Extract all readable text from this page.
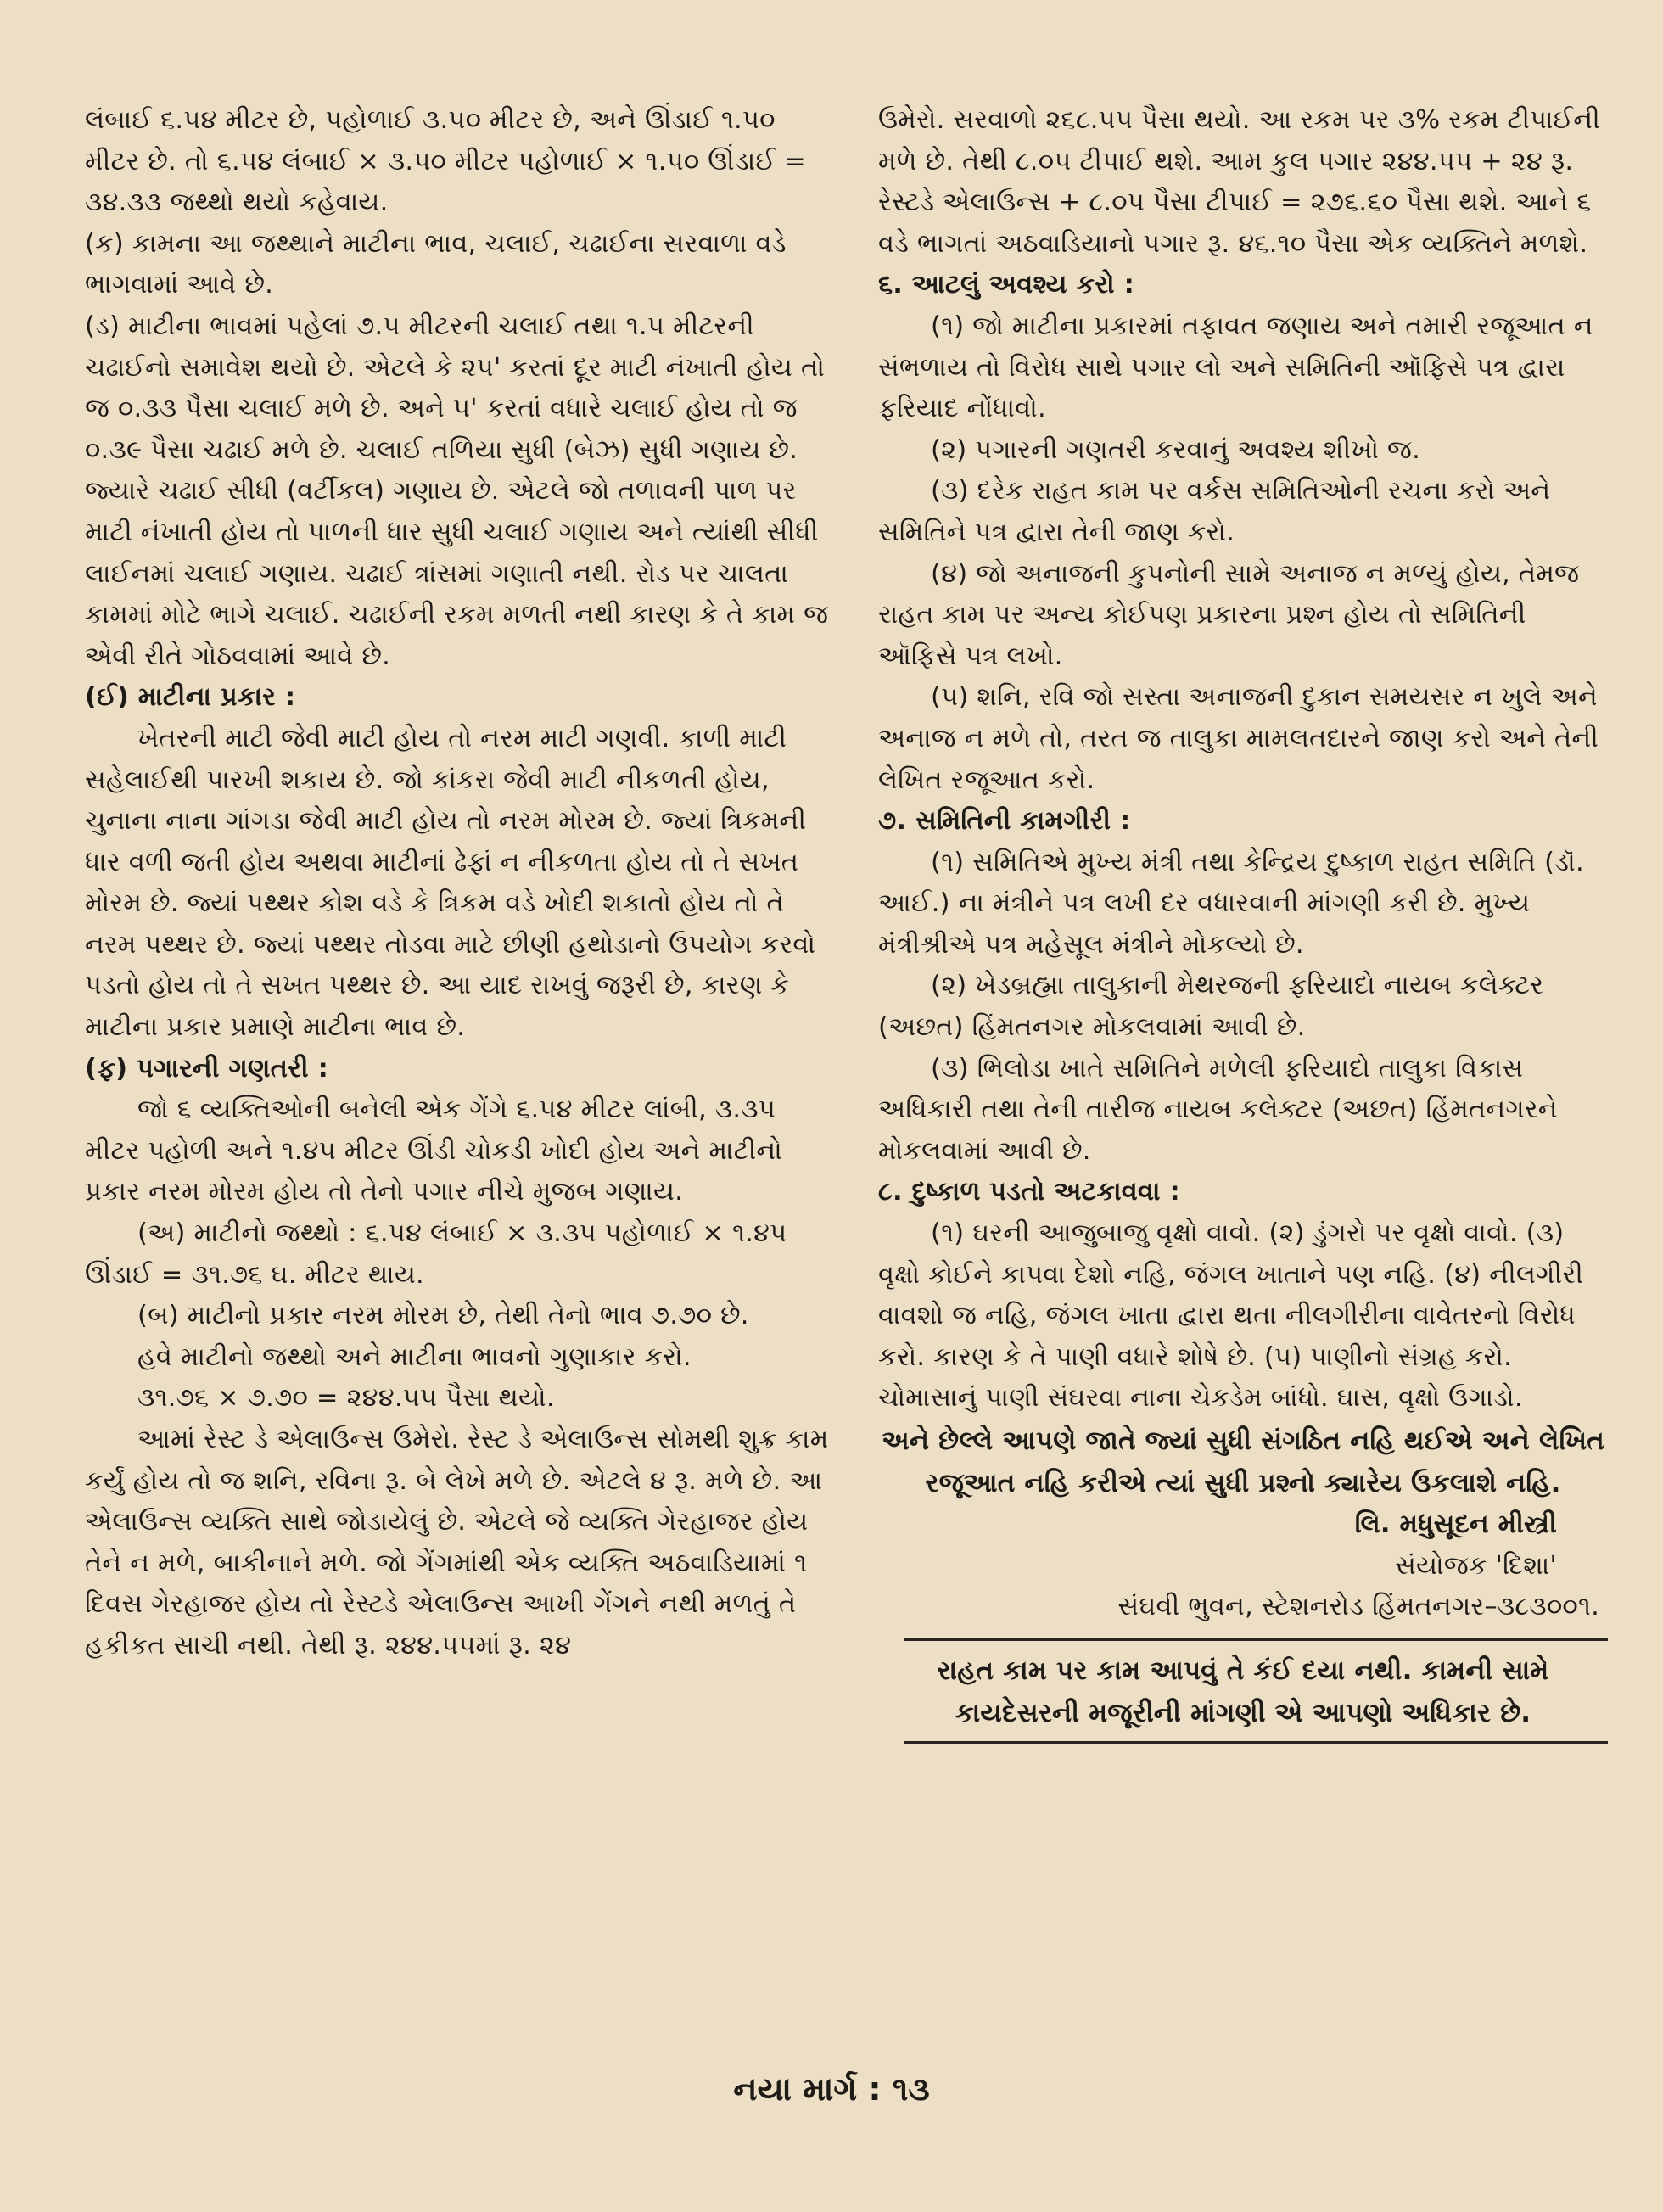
લંબાઈ ૬.૫૪ મીટર છે, પહોળાઈ ૩.૫૦ મીટર છે, અને ઊંડાઈ ૧.૫૦ મીટર છે. તો ૬.૫૪ લંબાઈ × ૩.૫૦ મીટર પહોળાઈ × ૧.૫૦ ઊંડાઈ = ૩૪.૩૩ જથ્થો થયો કહેવાય.

(ક) કામના આ જથ્થાને માટીના ભાવ, ચલાઈ, ચઢાઈના સરવાળા વડે ભાગવામાં આવે છે.

(ડ) માટીના ભાવમાં પહેલાં ૭.૫ મીટરની ચલાઈ તથા ૧.૫ મીટરની ચઢાઈનો સમાવેશ થયો છે. એટલે કે ૨૫' કરતાં દૂર માટી નંખાતી હોય તો જ ૦.૩૩ પૈસા ચલાઈ મળે છે. અને ૫' કરતાં વધારે ચલાઈ હોય તો જ ૦.૩૯ પૈસા ચઢાઈ મળે છે. ચલાઈ તળિયા સુધી (બેઝ) સુધી ગણાય છે. જ્યારે ચઢાઈ સીધી (વર્ટીકલ) ગણાય છે. એટલે જો તળાવની પાળ પર માટી નંખાતી હોય તો પાળની ધાર સુધી ચલાઈ ગણાય અને ત્યાંથી સીધી લાઈનમાં ચલાઈ ગણાય. ચઢાઈ ત્રાંસમાં ગણાતી નથી. રોડ પર ચાલતા કામમાં મોટે ભાગે ચલાઈ. ચઢાઈની રકમ મળતી નથી કારણ કે તે કામ જ એવી રીતે ગોઠવવામાં આવે છે.

(ઈ) માટીના પ્રકાર :

ખેતરની માટી જેવી માટી હોય તો નરમ માટી ગણવી. કાળી માટી સહેલાઈથી પારખી શકાય છે. જો કાંકરા જેવી માટી નીકળતી હોય, ચુનાના નાના ગાંગડા જેવી માટી હોય તો નરમ મોરમ છે. જ્યાં ત્રિકમની ધાર વળી જતી હોય અથવા માટીનાં ઢેફાં ન નીકળતા હોય તો તે સખત મોરમ છે. જ્યાં પથ્થર કોશ વડે કે ત્રિકમ વડે ખોદી શકાતો હોય તો તે નરમ પથ્થર છે. જ્યાં પથ્થર તોડવા માટે છીણી હથોડાનો ઉપયોગ કરવો પડતો હોય તો તે સખત પથ્થર છે. આ યાદ રાખવું જરૂરી છે, કારણ કે માટીના પ્રકાર પ્રમાણે માટીના ભાવ છે.

(ફ) પગારની ગણતરી :

જો ૬ વ્યક્તિઓની બનેલી એક ગેંગે ૬.૫૪ મીટર લાંબી, ૩.૩૫ મીટર પહોળી અને ૧.૪૫ મીટર ઊંડી ચોકડી ખોદી હોય અને માટીનો પ્રકાર નરમ મોરમ હોય તો તેનો પગાર નીચે મુજબ ગણાય.

(અ) માટીનો જથ્થો : ૬.૫૪ લંબાઈ × ૩.૩૫ પહોળાઈ × ૧.૪૫ ઊંડાઈ = ૩૧.૭૬ ઘ. મીટર થાય.

(બ) માટીનો પ્રકાર નરમ મોરમ છે, તેથી તેનો ભાવ ૭.૭૦ છે.

હવે માટીનો જથ્થો અને માટીના ભાવનો ગુણાકાર કરો.

૩૧.૭૬ × ૭.૭૦ = ૨૪૪.૫૫ પૈસા થયો.

આમાં રેસ્ટ ડે એલાઉન્સ ઉમેરો. રેસ્ટ ડે એલાઉન્સ સોમથી શુક્ર કામ કર્યું હોય તો જ શનિ, રવિના રૂ. બે લેખે મળે છે. એટલે ૪ રૂ. મળે છે. આ એલાઉન્સ વ્યક્તિ સાથે જોડાયેલું છે. એટલે જે વ્યક્તિ ગેરહાજર હોય તેને ન મળે, બાકીનાને મળે. જો ગેંગમાંથી એક વ્યક્તિ અઠવાડિયામાં ૧ દિવસ ગેરહાજર હોય તો રેસ્ટડે એલાઉન્સ આખી ગેંગને નથી મળતું તે હકીકત સાચી નથી. તેથી રૂ. ૨૪૪.૫૫માં રૂ. ૨૪

ઉમેરો. સરવાળો ૨૬૮.૫૫ પૈસા થયો. આ રકમ પર ૩% રકમ ટીપાઈની મળે છે. તેથી ૮.૦૫ ટીપાઈ થશે. આમ કુલ પગાર ૨૪૪.૫૫ + ૨૪ રૂ. રેસ્ટડે એલાઉન્સ + ૮.૦૫ પૈસા ટીપાઈ = ૨૭૬.૬૦ પૈસા થશે. આને ૬ વડે ભાગતાં અઠવાડિયાનો પગાર રૂ. ૪૬.૧૦ પૈસા એક વ્યક્તિને મળશે.

૬. આટલું અવશ્ય કરો :

(૧) જો માટીના પ્રકારમાં તફાવત જણાય અને તમારી રજૂઆત ન સંભળાય તો વિરોધ સાથે પગાર લો અને સમિતિની ઑફિસે પત્ર દ્વારા ફરિયાદ નોંધાવો.

(૨) પગારની ગણતરી કરવાનું અવશ્ય શીખો જ.

(૩) દરેક રાહત કામ પર વર્કસ સમિતિઓની રચના કરો અને સમિતિને પત્ર દ્વારા તેની જાણ કરો.

(૪) જો અનાજની કુપનોની સામે અનાજ ન મળ્યું હોય, તેમજ રાહત કામ પર અન્ય કોઈપણ પ્રકારના પ્રશ્ન હોય તો સમિતિની ઑફિસે પત્ર લખો.

(૫) શનિ, રવિ જો સસ્તા અનાજની દુકાન સમયસર ન ખુલે અને અનાજ ન મળે તો, તરત જ તાલુકા મામલતદારને જાણ કરો અને તેની લેખિત રજૂઆત કરો.

૭. સમિતિની કામગીરી :

(૧) સમિતિએ મુખ્ય મંત્રી તથા કેન્દ્રિય દુષ્કાળ રાહત સમિતિ (ડૉ. આઈ.) ના મંત્રીને પત્ર લખી દર વધારવાની માંગણી કરી છે. મુખ્ય મંત્રીશ્રીએ પત્ર મહેસૂલ મંત્રીને મોકલ્યો છે.

(૨) ખેડબ્રહ્મા તાલુકાની મેથરજની ફરિયાદો નાયબ કલેક્ટર (અછત) હિંમતનગર મોકલવામાં આવી છે.

(૩) ભિલોડા ખાતે સમિતિને મળેલી ફરિયાદો તાલુકા વિકાસ અધિકારી તથા તેની તારીજ નાયબ કલેક્ટર (અછત) હિંમતનગરને મોકલવામાં આવી છે.

૮. દુષ્કાળ પડતો અટકાવવા :

(૧) ઘરની આજુબાજુ વૃક્ષો વાવો. (૨) ડુંગરો પર વૃક્ષો વાવો. (૩) વૃક્ષો કોઈને કાપવા દેશો નહિ, જંગલ ખાતાને પણ નહિ. (૪) નીલગીરી વાવશો જ નહિ, જંગલ ખાતા દ્વારા થતા નીલગીરીના વાવેતરનો વિરોધ કરો. કારણ કે તે પાણી વધારે શોષે છે. (૫) પાણીનો સંગ્રહ કરો. ચોમાસાનું પાણી સંઘરવા નાના ચેકડેમ બાંધો. ઘાસ, વૃક્ષો ઉગાડો.

અને છેલ્લે આપણે જાતે જ્યાં સુધી સંગઠિત નહિ થઈએ અને લેખિત રજૂઆત નહિ કરીએ ત્યાં સુધી પ્રશ્નો ક્યારેય ઉકલાશે નહિ.

લિ. મધુસૂદન મીસ્ત્રી

સંયોજક 'દિશા'

સંઘવી ભુવન, સ્ટેશનરોડ હિંમતનગર–૩૮૩૦૦૧.

રાહત કામ પર કામ આપવું તે કંઈ દયા નથી. કામની સામે કાયદેસરની મજૂરીની માંગણી એ આપણો અધિકાર છે.

નયા માર્ગ : ૧૩
